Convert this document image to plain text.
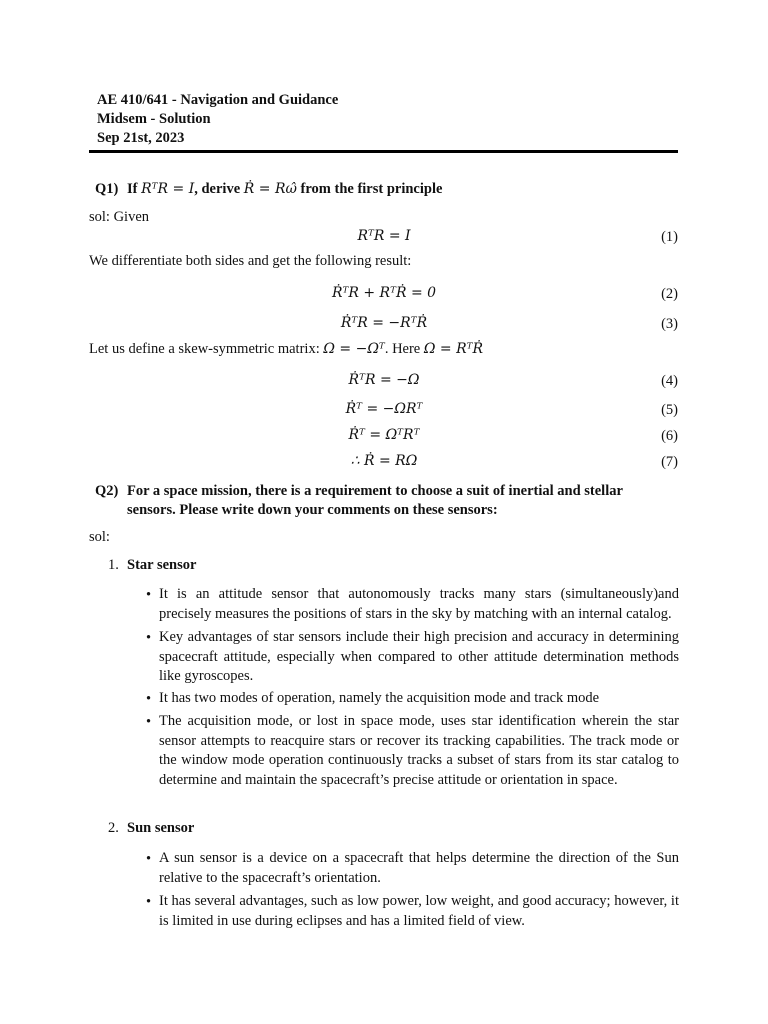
AE 410/641 - Navigation and Guidance
Midsem - Solution
Sep 21st, 2023
Q1) If RᵀR = I, derive Ṙ = Rω̂ from the first principle
sol: Given
RᵀR = I	(1)
We differentiate both sides and get the following result:
ṘᵀR + RᵀṘ = 0	(2)
ṘᵀR = −RᵀṘ	(3)
Let us define a skew-symmetric matrix: Ω = −Ωᵀ. Here Ω = RᵀṘ
ṘᵀR = −Ω	(4)
Ṙᵀ = −ΩRᵀ	(5)
Ṙᵀ = ΩᵀRᵀ	(6)
∴ Ṙ = RΩ	(7)
Q2) For a space mission, there is a requirement to choose a suit of inertial and stellar
sensors. Please write down your comments on these sensors:
sol:
1. Star sensor
• It is an attitude sensor that autonomously tracks many stars (simultaneously)and precisely measures the positions of stars in the sky by matching with an internal catalog.
• Key advantages of star sensors include their high precision and accuracy in determining spacecraft attitude, especially when compared to other attitude determination methods like gyroscopes.
• It has two modes of operation, namely the acquisition mode and track mode
• The acquisition mode, or lost in space mode, uses star identification wherein the star sensor attempts to reacquire stars or recover its tracking capabilities. The track mode or the window mode operation continuously tracks a subset of stars from its star catalog to determine and maintain the spacecraft’s precise attitude or orientation in space.
2. Sun sensor
• A sun sensor is a device on a spacecraft that helps determine the direction of the Sun relative to the spacecraft’s orientation.
• It has several advantages, such as low power, low weight, and good accuracy; however, it is limited in use during eclipses and has a limited field of view.
